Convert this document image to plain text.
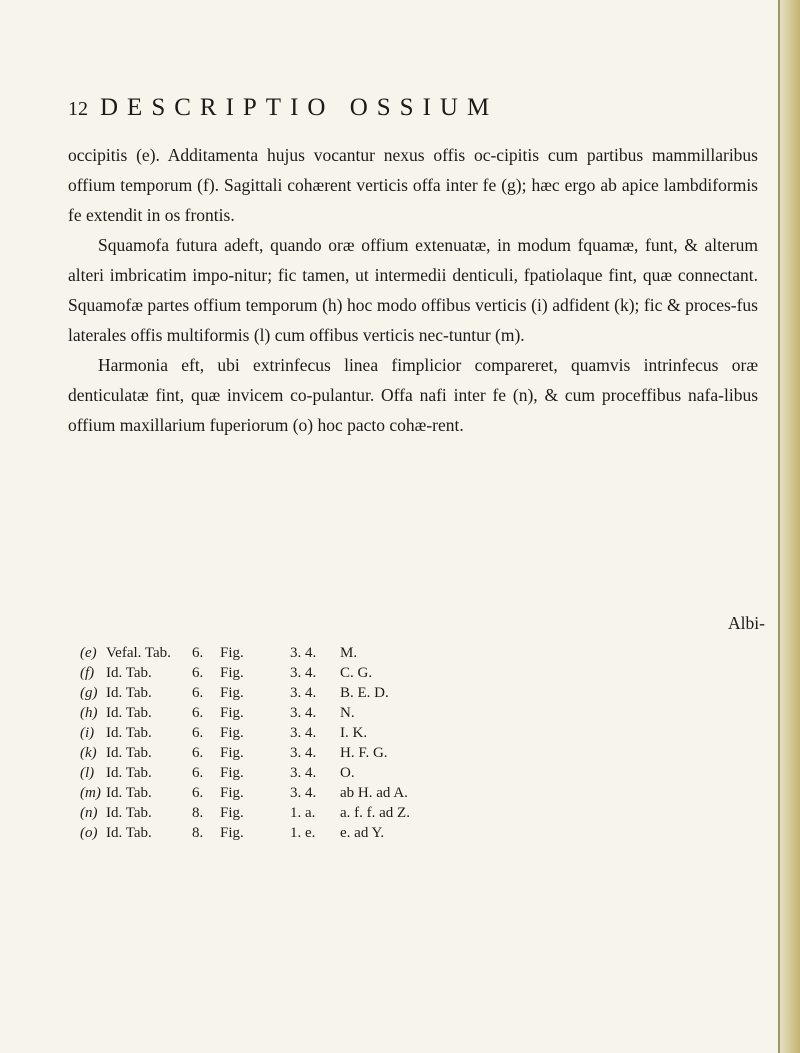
12 DESCRIPTIO OSSIUM

occipitis (e). Additamenta hujus vocantur nexus offis oc-cipitis cum partibus mammillaribus offium temporum (f). Sagittali cohærent verticis offa inter fe (g); hæc ergo ab apice lambdiformis fe extendit in os frontis.

Squamofa futura adeft, quando oræ offium extenuatæ, in modum fquamæ, funt, & alterum alteri imbricatim impo-nitur; fic tamen, ut intermedii denticuli, fpatiolaque fint, quæ connectant. Squamofæ partes offium temporum (h) hoc modo offibus verticis (i) adfident (k); fic & proces-fus laterales offis multiformis (l) cum offibus verticis nec-tuntur (m).

Harmonia eft, ubi extrinfecus linea fimplicior compareret, quamvis intrinfecus oræ denticulatæ fint, quæ invicem co-pulantur. Offa nafi inter fe (n), & cum proceffibus nafa-libus offium maxillarium fuperiorum (o) hoc pacto cohæ-rent.

Albi-
(e) Vefal. Tab.	6.	Fig.	3. 4.	M.
(f) Id. Tab.	6.	Fig.	3. 4.	C. G.
(g) Id. Tab.	6.	Fig.	3. 4.	B. E. D.
(h) Id. Tab.	6.	Fig.	3. 4.	N.
(i) Id. Tab.	6.	Fig.	3. 4.	I. K.
(k) Id. Tab.	6.	Fig.	3. 4.	H. F. G.
(l) Id. Tab.	6.	Fig.	3. 4.	O.
(m) Id. Tab.	6.	Fig.	3. 4.	ab H. ad A.
(n) Id. Tab.	8.	Fig.	1. a.	a. f. f. ad Z.
(o) Id. Tab.	8.	Fig.	1. e.	e. ad Y.
